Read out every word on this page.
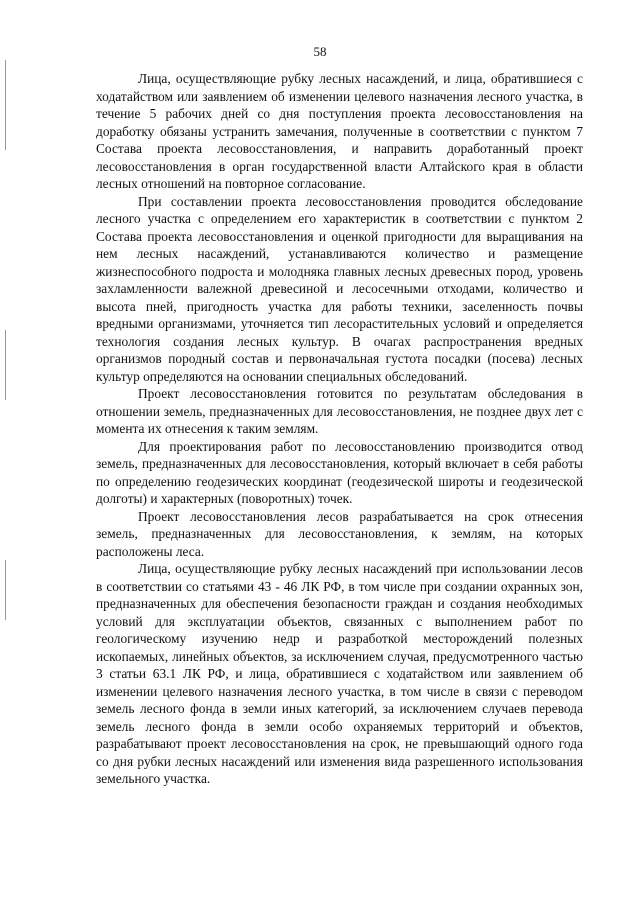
58

Лица, осуществляющие рубку лесных насаждений, и лица, обратившиеся с ходатайством или заявлением об изменении целевого назначения лесного участка, в течение 5 рабочих дней со дня поступления проекта лесовосстановления на доработку обязаны устранить замечания, полученные в соответствии с пунктом 7 Состава проекта лесовосстановления, и направить доработанный проект лесовосстановления в орган государственной власти Алтайского края в области лесных отношений на повторное согласование.

При составлении проекта лесовосстановления проводится обследование лесного участка с определением его характеристик в соответствии с пунктом 2 Состава проекта лесовосстановления и оценкой пригодности для выращивания на нем лесных насаждений, устанавливаются количество и размещение жизнеспособного подроста и молодняка главных лесных древесных пород, уровень захламленности валежной древесиной и лесосечными отходами, количество и высота пней, пригодность участка для работы техники, заселенность почвы вредными организмами, уточняется тип лесорастительных условий и определяется технология создания лесных культур. В очагах распространения вредных организмов породный состав и первоначальная густота посадки (посева) лесных культур определяются на основании специальных обследований.

Проект лесовосстановления готовится по результатам обследования в отношении земель, предназначенных для лесовосстановления, не позднее двух лет с момента их отнесения к таким землям.

Для проектирования работ по лесовосстановлению производится отвод земель, предназначенных для лесовосстановления, который включает в себя работы по определению геодезических координат (геодезической широты и геодезической долготы) и характерных (поворотных) точек.

Проект лесовосстановления лесов разрабатывается на срок отнесения земель, предназначенных для лесовосстановления, к землям, на которых расположены леса.

Лица, осуществляющие рубку лесных насаждений при использовании лесов в соответствии со статьями 43 - 46 ЛК РФ, в том числе при создании охранных зон, предназначенных для обеспечения безопасности граждан и создания необходимых условий для эксплуатации объектов, связанных с выполнением работ по геологическому изучению недр и разработкой месторождений полезных ископаемых, линейных объектов, за исключением случая, предусмотренного частью 3 статьи 63.1 ЛК РФ, и лица, обратившиеся с ходатайством или заявлением об изменении целевого назначения лесного участка, в том числе в связи с переводом земель лесного фонда в земли иных категорий, за исключением случаев перевода земель лесного фонда в земли особо охраняемых территорий и объектов, разрабатывают проект лесовосстановления на срок, не превышающий одного года со дня рубки лесных насаждений или изменения вида разрешенного использования земельного участка.
